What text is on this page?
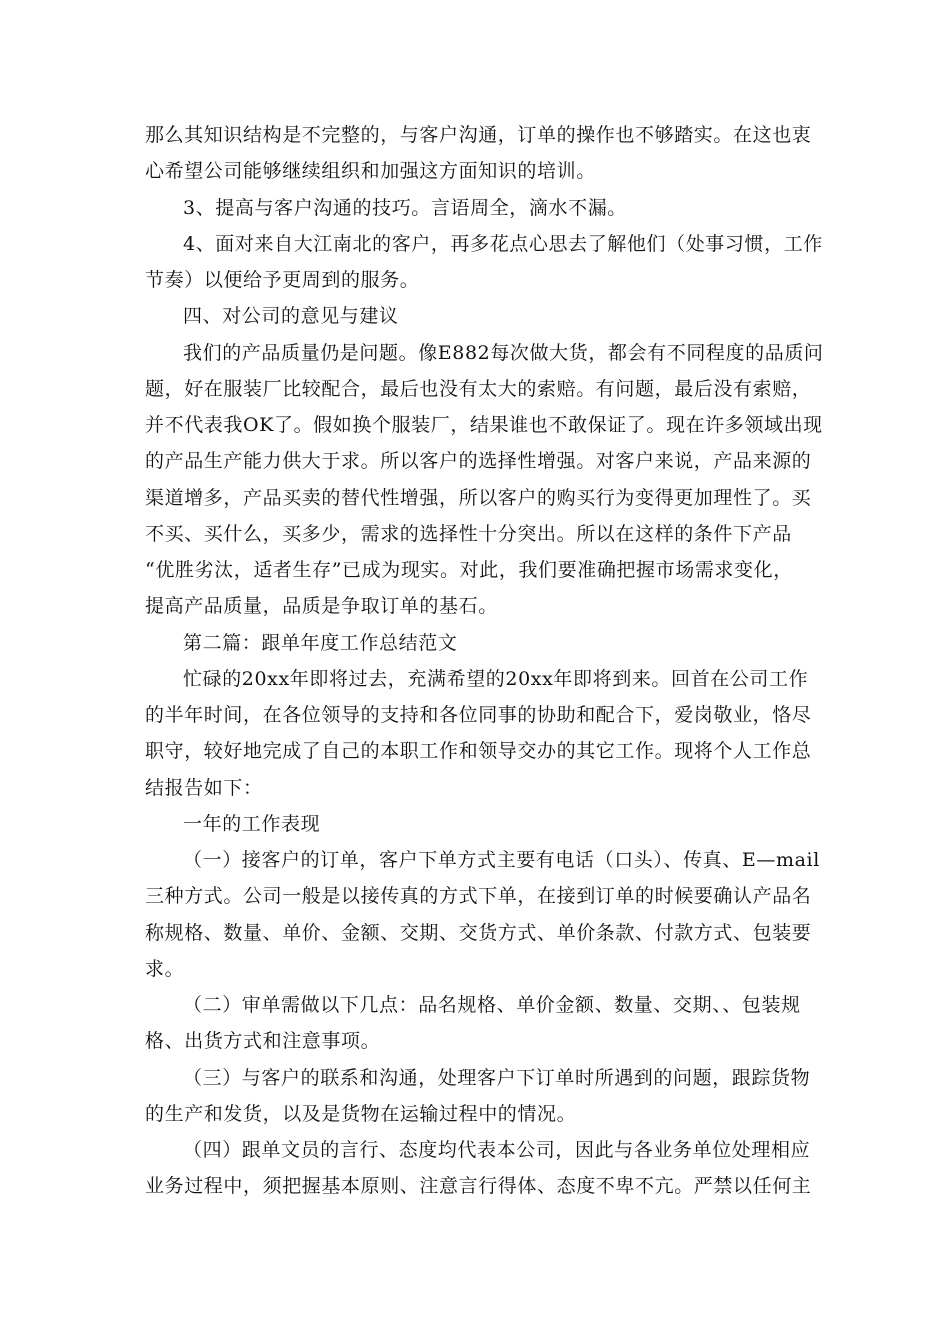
那么其知识结构是不完整的，与客户沟通，订单的操作也不够踏实。在这也衷
心希望公司能够继续组织和加强这方面知识的培训。
3、提高与客户沟通的技巧。言语周全，滴水不漏。
4、面对来自大江南北的客户，再多花点心思去了解他们（处事习惯，工作
节奏）以便给予更周到的服务。
四、对公司的意见与建议
我们的产品质量仍是问题。像E882每次做大货，都会有不同程度的品质问
题，好在服装厂比较配合，最后也没有太大的索赔。有问题，最后没有索赔，
并不代表我OK了。假如换个服装厂，结果谁也不敢保证了。现在许多领域出现
的产品生产能力供大于求。所以客户的选择性增强。对客户来说，产品来源的
渠道增多，产品买卖的替代性增强，所以客户的购买行为变得更加理性了。买
不买、买什么，买多少，需求的选择性十分突出。所以在这样的条件下产品
“优胜劣汰，适者生存”已成为现实。对此，我们要准确把握市场需求变化，
提高产品质量，品质是争取订单的基石。
第二篇：跟单年度工作总结范文
忙碌的20xx年即将过去，充满希望的20xx年即将到来。回首在公司工作
的半年时间，在各位领导的支持和各位同事的协助和配合下，爱岗敬业，恪尽
职守，较好地完成了自己的本职工作和领导交办的其它工作。现将个人工作总
结报告如下：
一年的工作表现
（一）接客户的订单，客户下单方式主要有电话（口头）、传真、E—mail
三种方式。公司一般是以接传真的方式下单，在接到订单的时候要确认产品名
称规格、数量、单价、金额、交期、交货方式、单价条款、付款方式、包装要
求。
（二）审单需做以下几点：品名规格、单价金额、数量、交期、、包装规
格、出货方式和注意事项。
（三）与客户的联系和沟通，处理客户下订单时所遇到的问题，跟踪货物
的生产和发货，以及是货物在运输过程中的情况。
（四）跟单文员的言行、态度均代表本公司，因此与各业务单位处理相应
业务过程中，须把握基本原则、注意言行得体、态度不卑不亢。严禁以任何主
